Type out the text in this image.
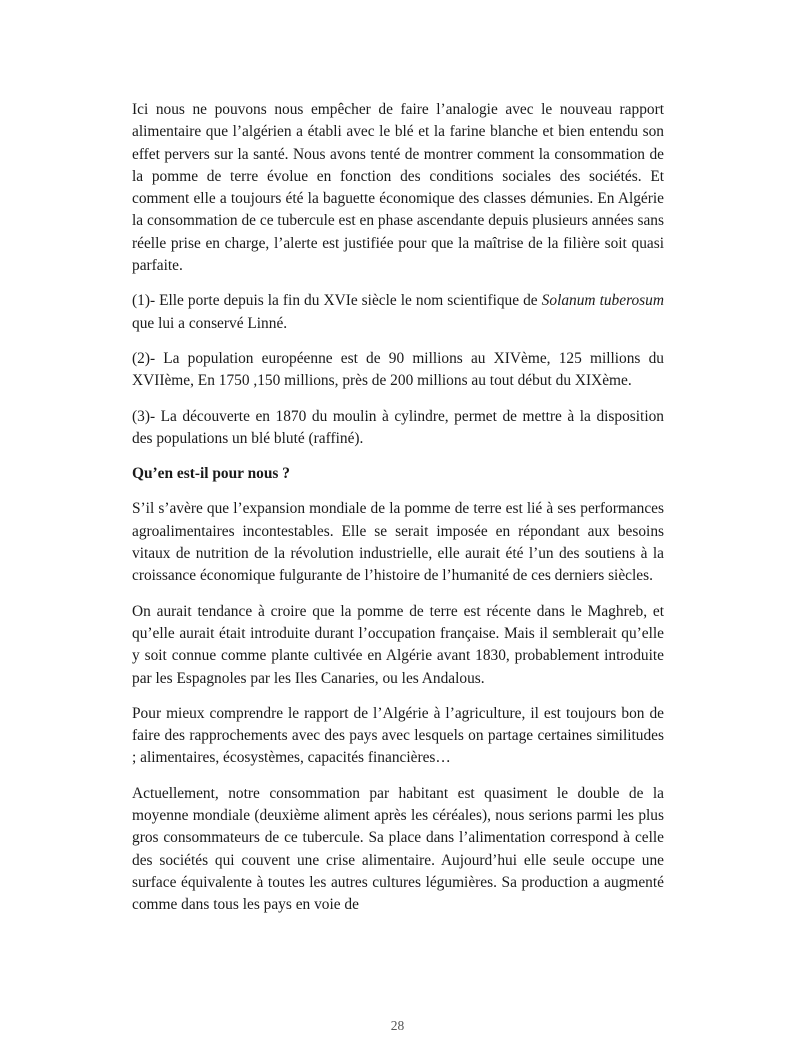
Ici nous ne pouvons nous empêcher de faire l’analogie avec le nouveau rapport alimentaire que l’algérien a établi avec le blé et la farine blanche et bien entendu son effet pervers sur la santé. Nous avons tenté de montrer comment la consommation de la pomme de terre évolue en fonction des conditions sociales des sociétés. Et comment elle a toujours été la baguette économique des classes démunies. En Algérie la consommation de ce tubercule est en phase ascendante depuis plusieurs années sans réelle prise en charge, l’alerte est justifiée pour que la maîtrise de la filière soit quasi parfaite.

(1)- Elle porte depuis la fin du XVIe siècle le nom scientifique de Solanum tuberosum que lui a conservé Linné.

(2)- La population européenne est de 90 millions au XIVème, 125 millions du XVIIème, En 1750 ,150 millions, près de 200 millions au tout début du XIXème.

(3)- La découverte en 1870 du moulin à cylindre, permet de mettre à la disposition des populations un blé bluté (raffiné).

Qu’en est-il pour nous ?

S’il s’avère que l’expansion mondiale de la pomme de terre est lié à ses performances agroalimentaires incontestables. Elle se serait imposée en répondant aux besoins vitaux de nutrition de la révolution industrielle, elle aurait été l’un des soutiens à la croissance économique fulgurante de l’histoire de l’humanité de ces derniers siècles.

On aurait tendance à croire que la pomme de terre est récente dans le Maghreb, et qu’elle aurait était introduite durant l’occupation française. Mais il semblerait qu’elle y soit connue comme plante cultivée en Algérie avant 1830, probablement introduite par les Espagnoles par les Iles Canaries, ou les Andalous.

Pour mieux comprendre le rapport de l’Algérie à l’agriculture, il est toujours bon de faire des rapprochements avec des pays avec lesquels on partage certaines similitudes ; alimentaires, écosystèmes, capacités financières…

Actuellement, notre consommation par habitant est quasiment le double de la moyenne mondiale (deuxième aliment après les céréales), nous serions parmi les plus gros consommateurs de ce tubercule. Sa place dans l’alimentation correspond à celle des sociétés qui couvent une crise alimentaire. Aujourd’hui elle seule occupe une surface équivalente à toutes les autres cultures légumières. Sa production a augmenté comme dans tous les pays en voie de

28
